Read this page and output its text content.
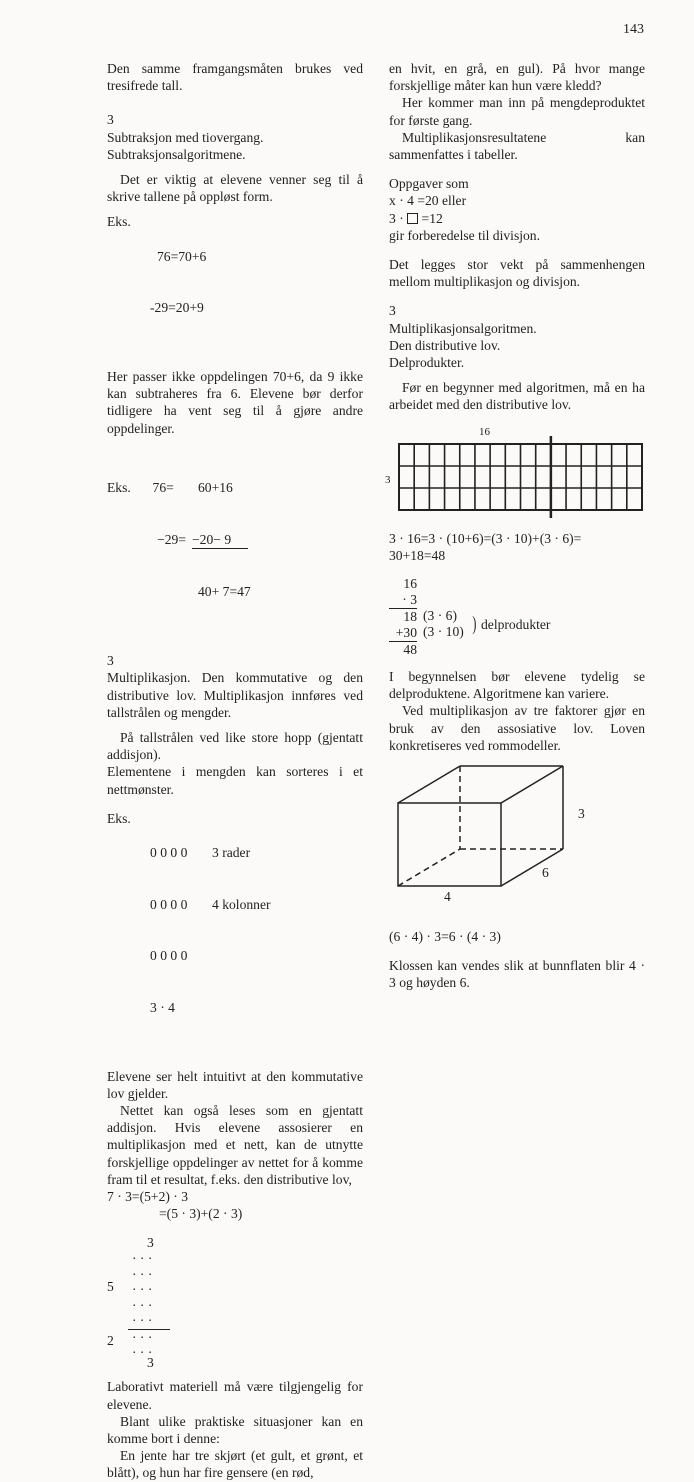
143

Den samme framgangsmåten brukes ved tresifrede tall.

3

Subtraksjon med tiovergang.

Subtraksjonsalgoritmene.

Det er viktig at elevene venner seg til å skrive tallene på oppløst form.

Eks.

76=70+6

-29=20+9

Her passer ikke oppdelingen 70+6, da 9 ikke kan subtraheres fra 6. Elevene bør derfor tidligere ha vent seg til å gjøre andre oppdelinger.

Eks. 76=

−29=

60+16

−20− 9

40+ 7=47

3

Multiplikasjon. Den kommutative og den distributive lov. Multiplikasjon innføres ved tallstrålen og mengder.

På tallstrålen ved like store hopp (gjentatt addisjon).

Elementene i mengden kan sorteres i et nettmønster.

Eks.

0 0 0 0

0 0 0 0

0 0 0 0

3 · 4

3 rader

4 kolonner

Elevene ser helt intuitivt at den kommutative lov gjelder.

Nettet kan også leses som en gjentatt addisjon. Hvis elevene assosierer en multiplikasjon med et nett, kan de utnytte forskjellige oppdelinger av nettet for å komme fram til et resultat, f.eks. den distributive lov,

7 · 3=(5+2) · 3
=(5 · 3)+(2 · 3)
3
· · ·
· · ·
· · ·
· · ·
· · ·
· · ·
· · ·
5
2
3

Laborativt materiell må være tilgjengelig for elevene.

Blant ulike praktiske situasjoner kan en komme bort i denne:

En jente har tre skjørt (et gult, et grønt, et blått), og hun har fire gensere (en rød,

en hvit, en grå, en gul). På hvor mange forskjellige måter kan hun være kledd?

Her kommer man inn på mengdeproduktet for første gang.

Multiplikasjonsresultatene kan sammenfattes i tabeller.

Oppgaver som

x · 4 =20 eller
3 · =12

gir forberedelse til divisjon.

Det legges stor vekt på sammenhengen mellom multiplikasjon og divisjon.

3

Multiplikasjonsalgoritmen.

Den distributive lov.

Delprodukter.

Før en begynner med algoritmen, må en ha arbeidet med den distributive lov.

16
3

3 · 16=3 · (10+6)=(3 · 10)+(3 · 6)=

30+18=48

16
· 3
18
+30
48
(3 · 6)
(3 · 10) ) delprodukter

I begynnelsen bør elevene tydelig se delproduktene. Algoritmene kan variere.

Ved multiplikasjon av tre faktorer gjør en bruk av den assosiative lov. Loven konkretiseres ved rommodeller.

3
6
4

(6 · 4) · 3=6 · (4 · 3)

Klossen kan vendes slik at bunnflaten blir 4 · 3 og høyden 6.
